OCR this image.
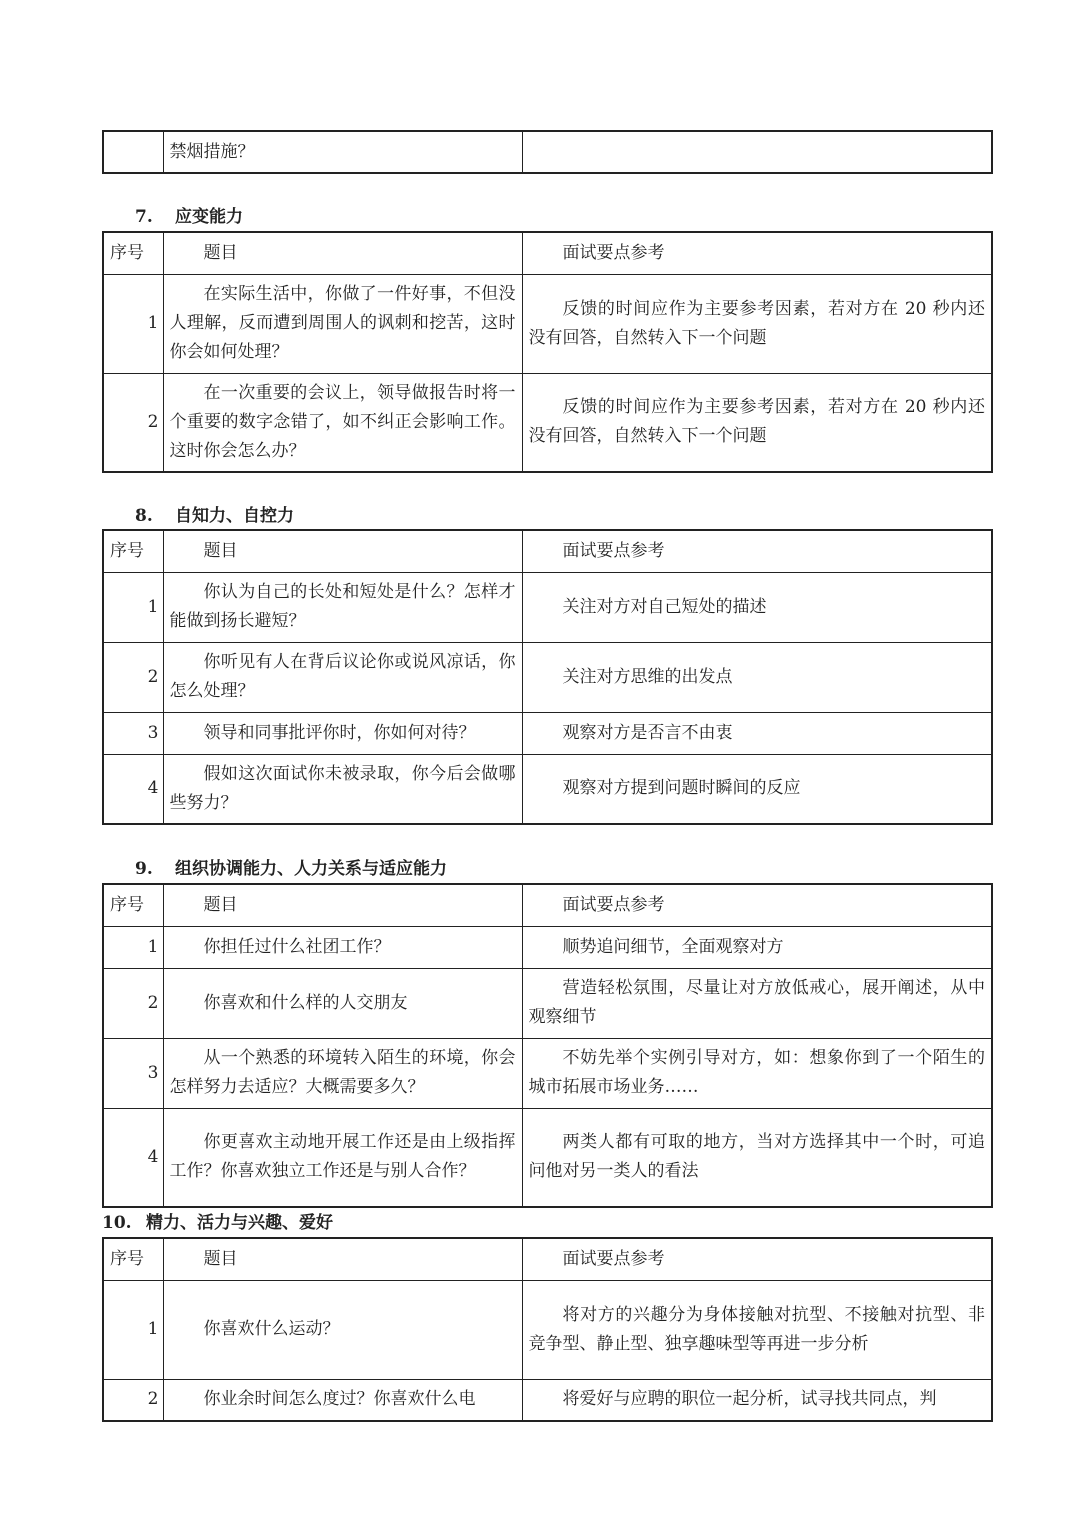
	禁烟措施？	
7. 应变能力
序号	题目	面试要点参考
1	在实际生活中，你做了一件好事，不但没人理解，反而遭到周围人的讽刺和挖苦，这时你会如何处理？	反馈的时间应作为主要参考因素，若对方在 20 秒内还没有回答，自然转入下一个问题
2	在一次重要的会议上，领导做报告时将一个重要的数字念错了，如不纠正会影响工作。这时你会怎么办？	反馈的时间应作为主要参考因素，若对方在 20 秒内还没有回答，自然转入下一个问题
8. 自知力、自控力
序号	题目	面试要点参考
1	你认为自己的长处和短处是什么？怎样才能做到扬长避短？	关注对方对自己短处的描述
2	你听见有人在背后议论你或说风凉话，你怎么处理？	关注对方思维的出发点
3	领导和同事批评你时，你如何对待？	观察对方是否言不由衷
4	假如这次面试你未被录取，你今后会做哪些努力？	观察对方提到问题时瞬间的反应
9. 组织协调能力、人力关系与适应能力
序号	题目	面试要点参考
1	你担任过什么社团工作？	顺势追问细节，全面观察对方
2	你喜欢和什么样的人交朋友	营造轻松氛围，尽量让对方放低戒心，展开阐述，从中观察细节
3	从一个熟悉的环境转入陌生的环境，你会怎样努力去适应？大概需要多久？	不妨先举个实例引导对方，如：想象你到了一个陌生的城市拓展市场业务……
4	你更喜欢主动地开展工作还是由上级指挥工作？你喜欢独立工作还是与别人合作？	两类人都有可取的地方，当对方选择其中一个时，可追问他对另一类人的看法
10. 精力、活力与兴趣、爱好
序号	题目	面试要点参考
1	你喜欢什么运动？	将对方的兴趣分为身体接触对抗型、不接触对抗型、非竞争型、静止型、独享趣味型等再进一步分析
2	你业余时间怎么度过？你喜欢什么电	将爱好与应聘的职位一起分析，试寻找共同点，判
